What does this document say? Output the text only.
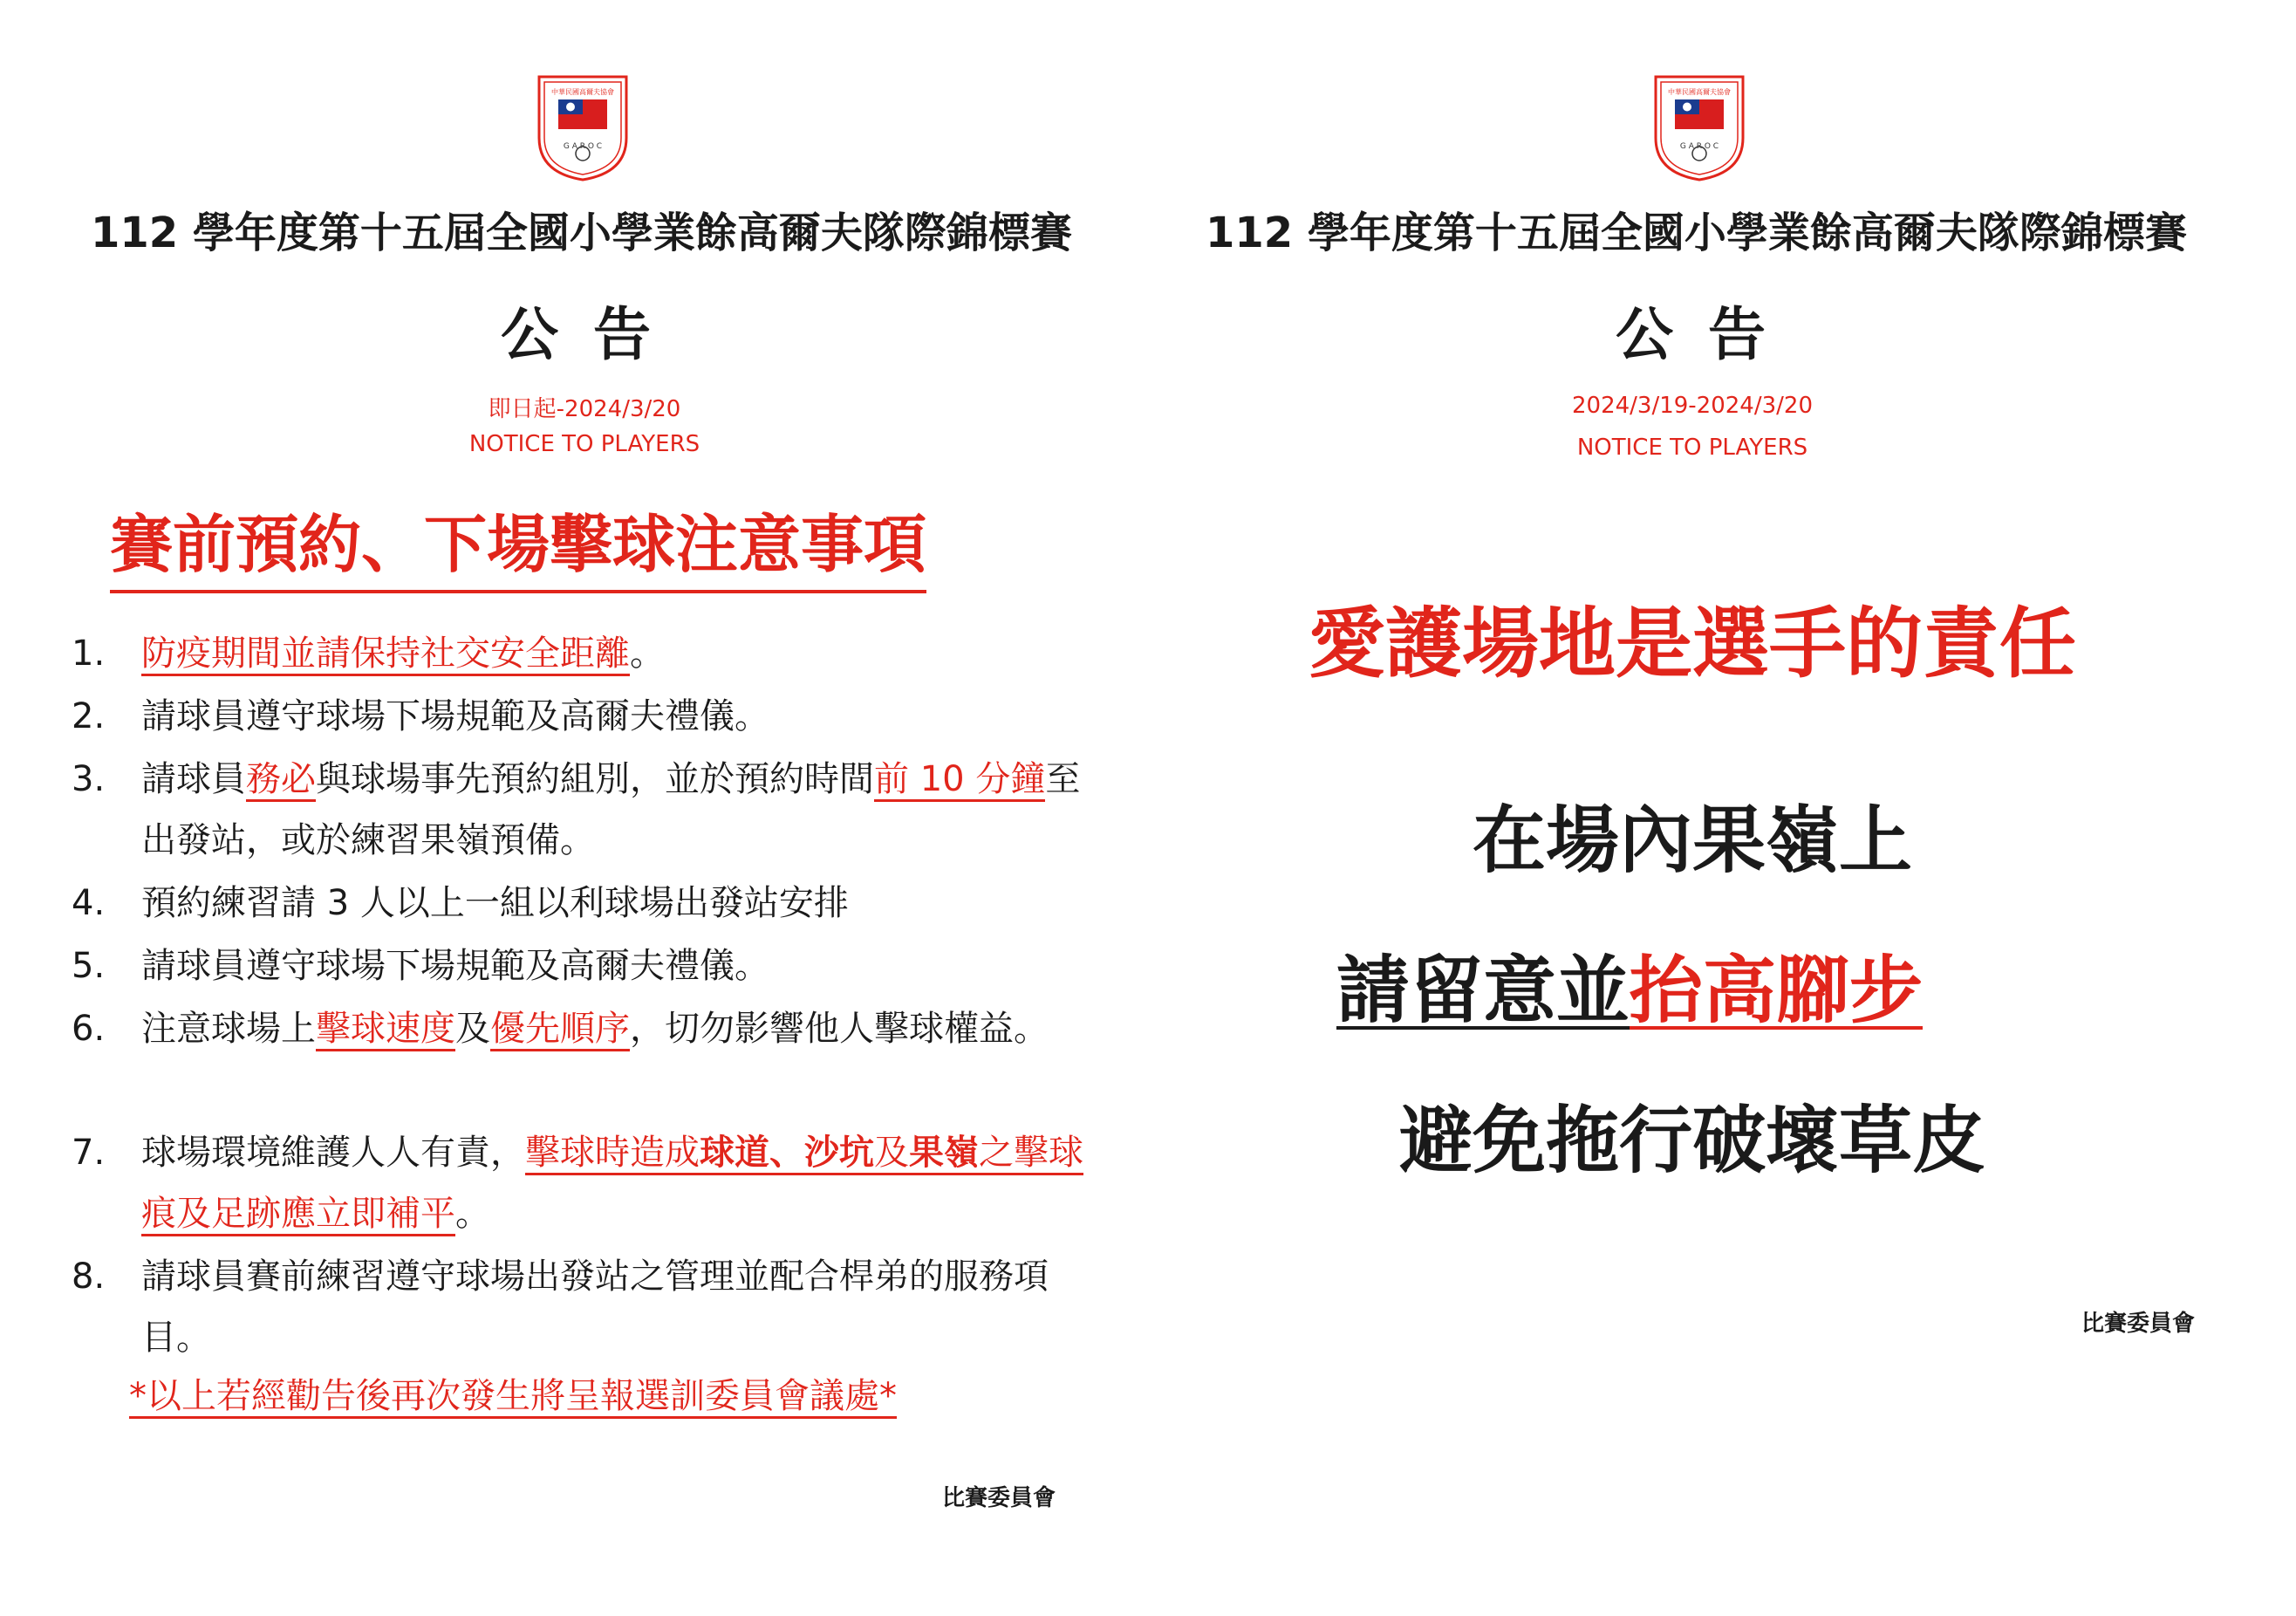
中華民國高爾夫協會
G A R O C
112 學年度第十五屆全國小學業餘高爾夫隊際錦標賽
公告
即日起-2024/3/20
NOTICE TO PLAYERS
賽前預約、下場擊球注意事項
1.	防疫期間並請保持社交安全距離。
2.	請球員遵守球場下場規範及高爾夫禮儀。
3.	請球員務必與球場事先預約組別，並於預約時間前 10 分鐘至出發站，或於練習果嶺預備。
4.	預約練習請 3 人以上一組以利球場出發站安排
5.	請球員遵守球場下場規範及高爾夫禮儀。
6.	注意球場上擊球速度及優先順序，切勿影響他人擊球權益。
7.	球場環境維護人人有責，擊球時造成球道、沙坑及果嶺之擊球痕及足跡應立即補平。
8.	請球員賽前練習遵守球場出發站之管理並配合桿弟的服務項目。
*以上若經勸告後再次發生將呈報選訓委員會議處*
比賽委員會
中華民國高爾夫協會
G A R O C
112 學年度第十五屆全國小學業餘高爾夫隊際錦標賽
公告
2024/3/19-2024/3/20
NOTICE TO PLAYERS
愛護場地是選手的責任
在場內果嶺上
請留意並抬高腳步
避免拖行破壞草皮
比賽委員會
